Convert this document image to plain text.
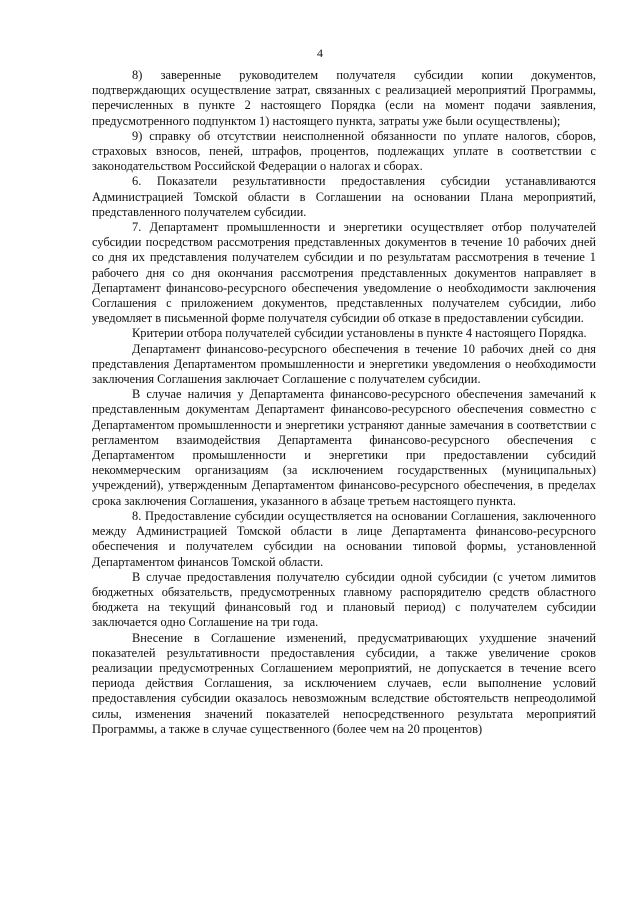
4

8) заверенные руководителем получателя субсидии копии документов, подтверждающих осуществление затрат, связанных с реализацией мероприятий Программы, перечисленных в пункте 2 настоящего Порядка (если на момент подачи заявления, предусмотренного подпунктом 1) настоящего пункта, затраты уже были осуществлены);

9) справку об отсутствии неисполненной обязанности по уплате налогов, сборов, страховых взносов, пеней, штрафов, процентов, подлежащих уплате в соответствии с законодательством Российской Федерации о налогах и сборах.

6. Показатели результативности предоставления субсидии устанавливаются Администрацией Томской области в Соглашении на основании Плана мероприятий, представленного получателем субсидии.

7. Департамент промышленности и энергетики осуществляет отбор получателей субсидии посредством рассмотрения представленных документов в течение 10 рабочих дней со дня их представления получателем субсидии и по результатам рассмотрения в течение 1 рабочего дня со дня окончания рассмотрения представленных документов направляет в Департамент финансово-ресурсного обеспечения уведомление о необходимости заключения Соглашения с приложением документов, представленных получателем субсидии, либо уведомляет в письменной форме получателя субсидии об отказе в предоставлении субсидии.

Критерии отбора получателей субсидии установлены в пункте 4 настоящего Порядка.

Департамент финансово-ресурсного обеспечения в течение 10 рабочих дней со дня представления Департаментом промышленности и энергетики уведомления о необходимости заключения Соглашения заключает Соглашение с получателем субсидии.

В случае наличия у Департамента финансово-ресурсного обеспечения замечаний к представленным документам Департамент финансово-ресурсного обеспечения совместно с Департаментом промышленности и энергетики устраняют данные замечания в соответствии с регламентом взаимодействия Департамента финансово-ресурсного обеспечения с Департаментом промышленности и энергетики при предоставлении субсидий некоммерческим организациям (за исключением государственных (муниципальных) учреждений), утвержденным Департаментом финансово-ресурсного обеспечения, в пределах срока заключения Соглашения, указанного в абзаце третьем настоящего пункта.

8. Предоставление субсидии осуществляется на основании Соглашения, заключенного между Администрацией Томской области в лице Департамента финансово-ресурсного обеспечения и получателем субсидии на основании типовой формы, установленной Департаментом финансов Томской области.

В случае предоставления получателю субсидии одной субсидии (с учетом лимитов бюджетных обязательств, предусмотренных главному распорядителю средств областного бюджета на текущий финансовый год и плановый период) с получателем субсидии заключается одно Соглашение на три года.

Внесение в Соглашение изменений, предусматривающих ухудшение значений показателей результативности предоставления субсидии, а также увеличение сроков реализации предусмотренных Соглашением мероприятий, не допускается в течение всего периода действия Соглашения, за исключением случаев, если выполнение условий предоставления субсидии оказалось невозможным вследствие обстоятельств непреодолимой силы, изменения значений показателей непосредственного результата мероприятий Программы, а также в случае существенного (более чем на 20 процентов)
